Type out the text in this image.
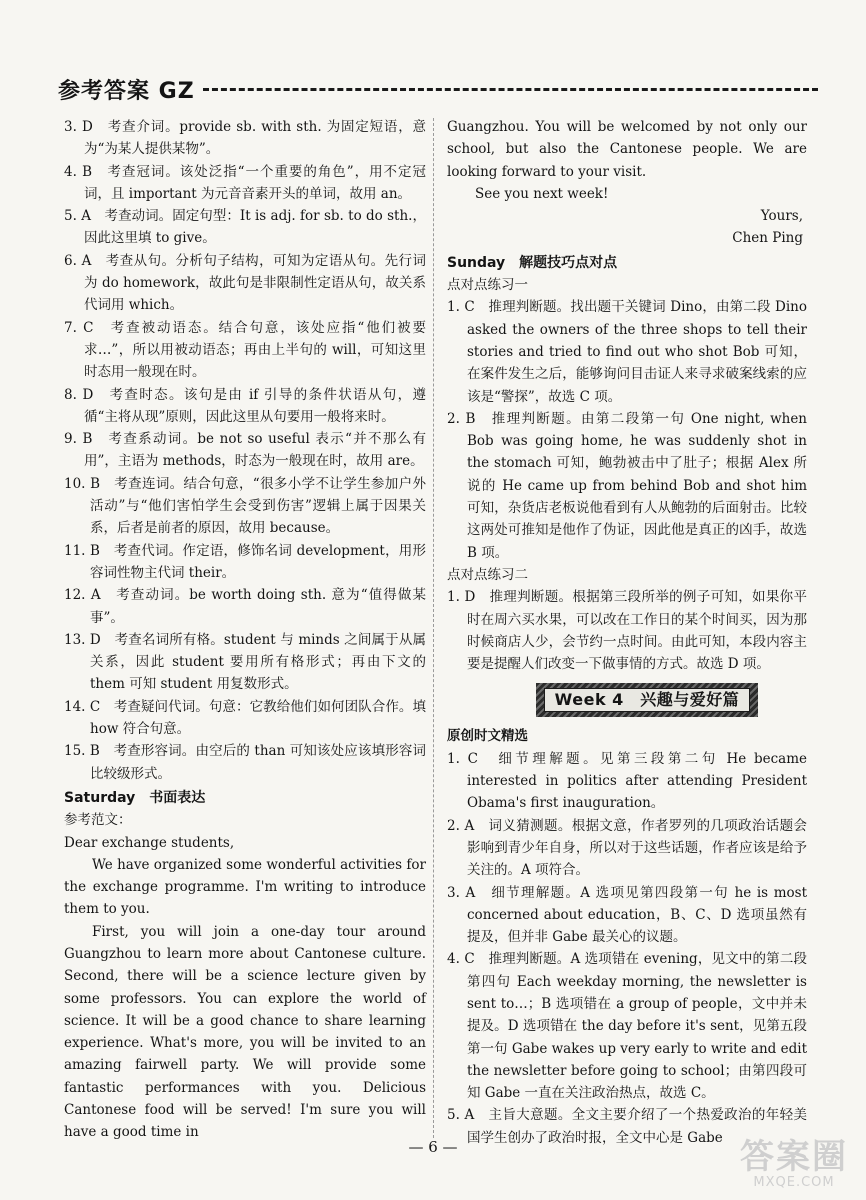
参考答案 GZ

3. D　考查介词。provide sb. with sth. 为固定短语，意为“为某人提供某物”。

4. B　考查冠词。该处泛指“一个重要的角色”，用不定冠词，且 important 为元音音素开头的单词，故用 an。

5. A　考查动词。固定句型：It is adj. for sb. to do sth.，因此这里填 to give。

6. A　考查从句。分析句子结构，可知为定语从句。先行词为 do homework，故此句是非限制性定语从句，故关系代词用 which。

7. C　考查被动语态。结合句意，该处应指“他们被要求…”，所以用被动语态；再由上半句的 will，可知这里时态用一般现在时。

8. D　考查时态。该句是由 if 引导的条件状语从句，遵循“主将从现”原则，因此这里从句要用一般将来时。

9. B　考查系动词。be not so useful 表示“并不那么有用”，主语为 methods，时态为一般现在时，故用 are。

10. B　考查连词。结合句意，“很多小学不让学生参加户外活动”与“他们害怕学生会受到伤害”逻辑上属于因果关系，后者是前者的原因，故用 because。

11. B　考查代词。作定语，修饰名词 development，用形容词性物主代词 their。

12. A　考查动词。be worth doing sth. 意为“值得做某事”。

13. D　考查名词所有格。student 与 minds 之间属于从属关系，因此 student 要用所有格形式；再由下文的 them 可知 student 用复数形式。

14. C　考查疑问代词。句意：它教给他们如何团队合作。填 how 符合句意。

15. B　考查形容词。由空后的 than 可知该处应该填形容词比较级形式。

Saturday　书面表达

参考范文：

Dear exchange students,

We have organized some wonderful activities for the exchange programme. I'm writing to introduce them to you.

First, you will join a one-day tour around Guangzhou to learn more about Cantonese culture. Second, there will be a science lecture given by some professors. You can explore the world of science. It will be a good chance to share learning experience. What's more, you will be invited to an amazing fairwell party. We will provide some fantastic performances with you. Delicious Cantonese food will be served! I'm sure you will have a good time in

Guangzhou. You will be welcomed by not only our school, but also the Cantonese people. We are looking forward to your visit.

See you next week!

Yours,

Chen Ping

Sunday　解题技巧点对点

点对点练习一

1. C　推理判断题。找出题干关键词 Dino，由第二段 Dino asked the owners of the three shops to tell their stories and tried to find out who shot Bob 可知，在案件发生之后，能够询问目击证人来寻求破案线索的应该是“警探”，故选 C 项。

2. B　推理判断题。由第二段第一句 One night, when Bob was going home, he was suddenly shot in the stomach 可知，鲍勃被击中了肚子；根据 Alex 所说的 He came up from behind Bob and shot him 可知，杂货店老板说他看到有人从鲍勃的后面射击。比较这两处可推知是他作了伪证，因此他是真正的凶手，故选 B 项。

点对点练习二

1. D　推理判断题。根据第三段所举的例子可知，如果你平时在周六买水果，可以改在工作日的某个时间买，因为那时候商店人少，会节约一点时间。由此可知，本段内容主要是提醒人们改变一下做事情的方式。故选 D 项。

Week 4　兴趣与爱好篇

原创时文精选

1. C　细节理解题。见第三段第二句 He became interested in politics after attending President Obama's first inauguration。

2. A　词义猜测题。根据文意，作者罗列的几项政治话题会影响到青少年自身，所以对于这些话题，作者应该是给予关注的。A 项符合。

3. A　细节理解题。A 选项见第四段第一句 he is most concerned about education，B、C、D 选项虽然有提及，但并非 Gabe 最关心的议题。

4. C　推理判断题。A 选项错在 evening，见文中的第二段第四句 Each weekday morning, the newsletter is sent to…；B 选项错在 a group of people，文中并未提及。D 选项错在 the day before it's sent，见第五段第一句 Gabe wakes up very early to write and edit the newsletter before going to school；由第四段可知 Gabe 一直在关注政治热点，故选 C。

5. A　主旨大意题。全文主要介绍了一个热爱政治的年轻美国学生创办了政治时报，全文中心是 Gabe

— 6 —	答案圈
MXQE.COM
